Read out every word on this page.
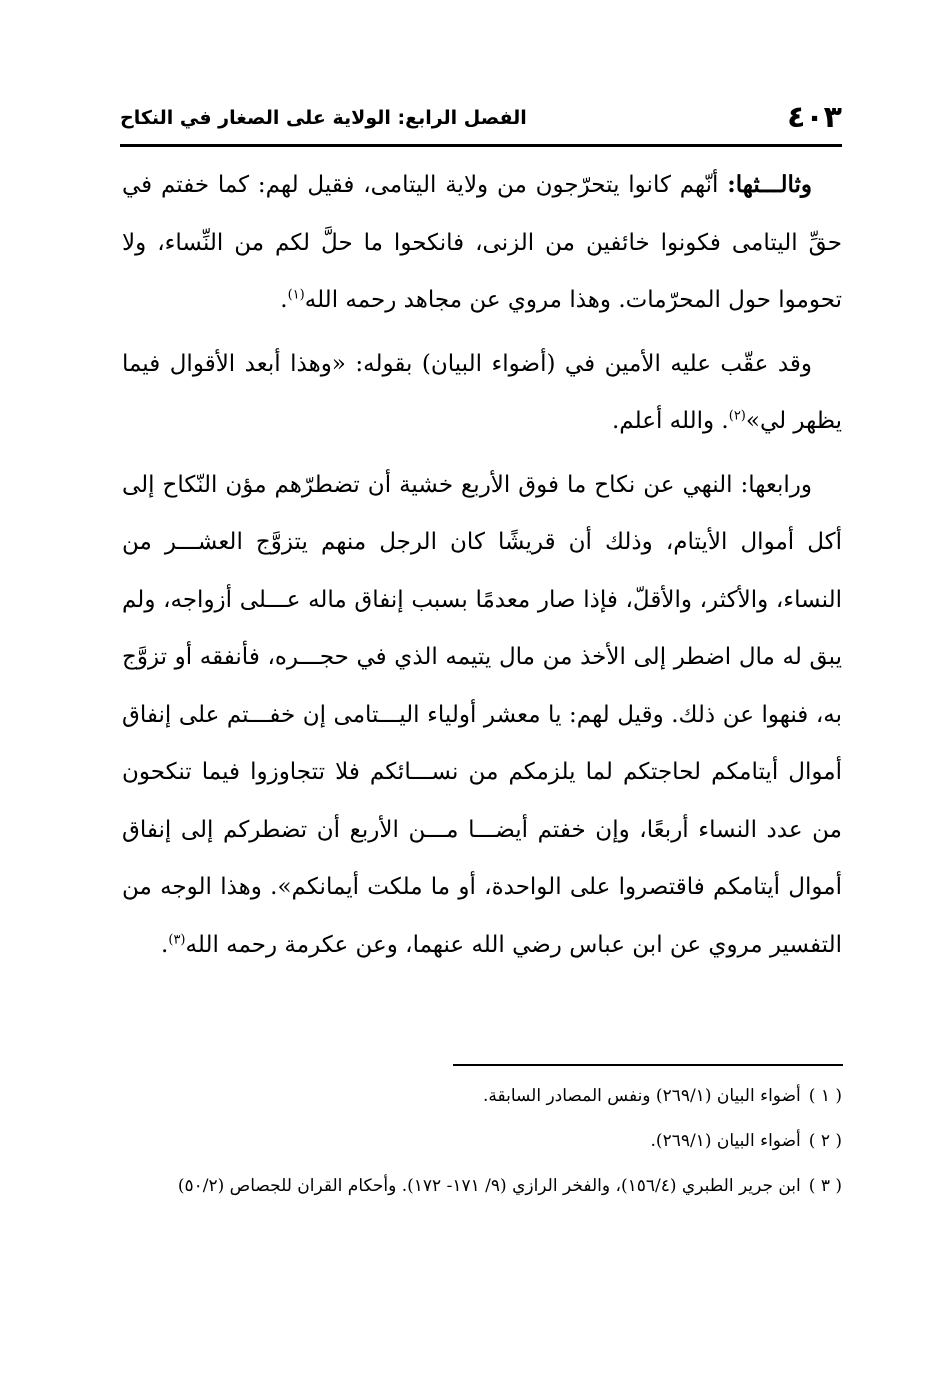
٤٠٣
الفصل الرابع: الولاية على الصغار في النكاح

وثالـــثها: أنّهم كانوا يتحرّجون من ولاية اليتامى، فقيل لهم: كما خفتم في حقِّ اليتامى فكونوا خائفين من الزنى، فانكحوا ما حلَّ لكم من النِّساء، ولا تحوموا حول المحرّمات. وهذا مروي عن مجاهد رحمه الله$^{(١)}$.

وقد عقّب عليه الأمين في (أضواء البيان) بقوله: «وهذا أبعد الأقوال فيما يظهر لي»$^{(٢)}$. والله أعلم.

ورابعها: النهي عن نكاح ما فوق الأربع خشية أن تضطرّهم مؤن النّكاح إلى أكل أموال الأيتام، وذلك أن قريشًا كان الرجل منهم يتزوَّج العشـــر من النساء، والأكثر، والأقلّ، فإذا صار معدمًا بسبب إنفاق ماله عـــلى أزواجه، ولم يبق له مال اضطر إلى الأخذ من مال يتيمه الذي في حجـــره، فأنفقه أو تزوَّج به، فنهوا عن ذلك. وقيل لهم: يا معشر أولياء اليـــتامى إن خفـــتم على إنفاق أموال أيتامكم لحاجتكم لما يلزمكم من نســـائكم فلا تتجاوزوا فيما تنكحون من عدد النساء أربعًا، وإن خفتم أيضـــا مـــن الأربع أن تضطركم إلى إنفاق أموال أيتامكم فاقتصروا على الواحدة، أو ما ملكت أيمانكم». وهذا الوجه من التفسير مروي عن ابن عباس رضي الله عنهما، وعن عكرمة رحمه الله$^{(٣)}$.

( ١ )
أضواء البيان (٢٦٩/١) ونفس المصادر السابقة.
( ٢ )
أضواء البيان (٢٦٩/١).
( ٣ )
ابن جرير الطبري (١٥٦/٤)، والفخر الرازي (٩/ ١٧١- ١٧٢). وأحكام القران للجصاص (٥٠/٢)
